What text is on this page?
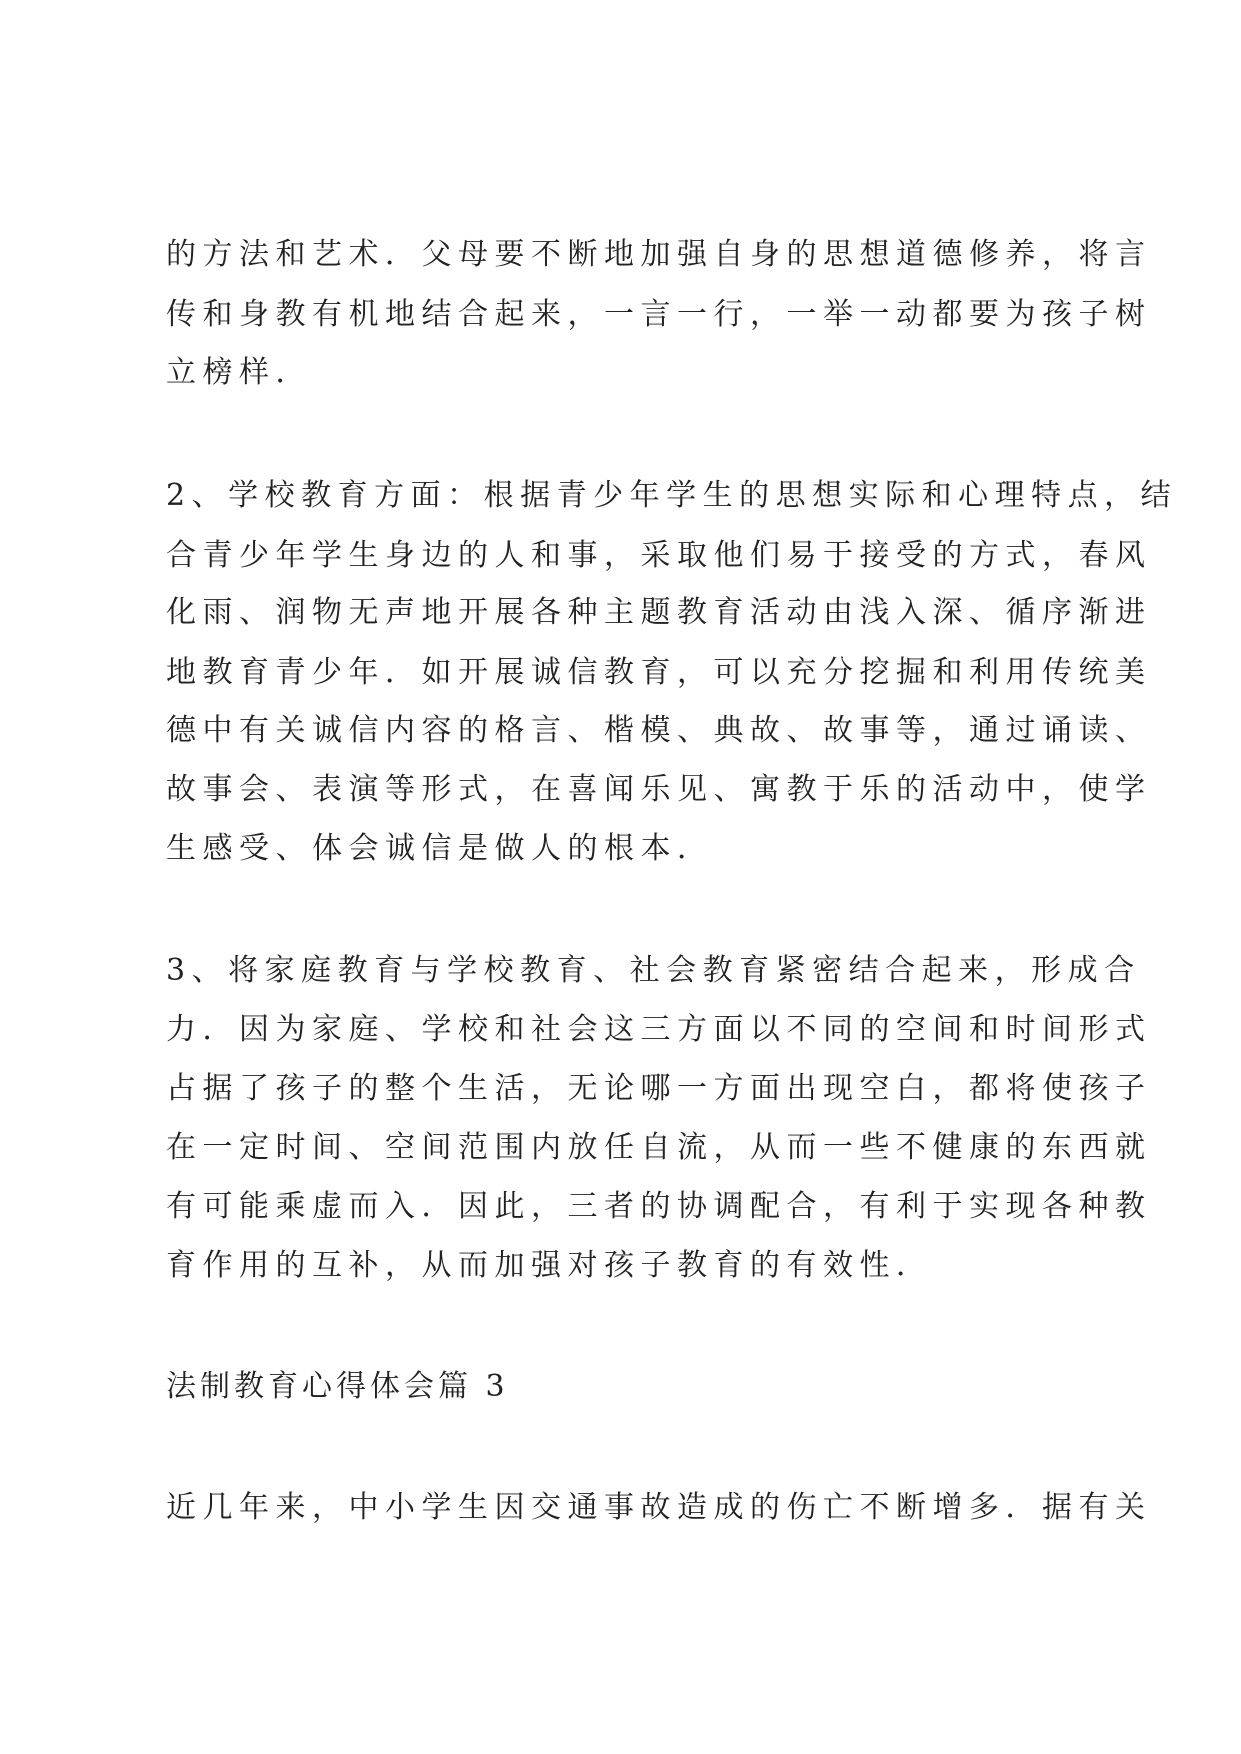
的方法和艺术．父母要不断地加强自身的思想道德修养，将言
传和身教有机地结合起来，一言一行，一举一动都要为孩子树
立榜样．
2、学校教育方面：根据青少年学生的思想实际和心理特点，结
合青少年学生身边的人和事，采取他们易于接受的方式，春风
化雨、润物无声地开展各种主题教育活动由浅入深、循序渐进
地教育青少年．如开展诚信教育，可以充分挖掘和利用传统美
德中有关诚信内容的格言、楷模、典故、故事等，通过诵读、
故事会、表演等形式，在喜闻乐见、寓教于乐的活动中，使学
生感受、体会诚信是做人的根本．
3、将家庭教育与学校教育、社会教育紧密结合起来，形成合
力．因为家庭、学校和社会这三方面以不同的空间和时间形式
占据了孩子的整个生活，无论哪一方面出现空白，都将使孩子
在一定时间、空间范围内放任自流，从而一些不健康的东西就
有可能乘虚而入．因此，三者的协调配合，有利于实现各种教
育作用的互补，从而加强对孩子教育的有效性．
法制教育心得体会篇 3
近几年来，中小学生因交通事故造成的伤亡不断增多．据有关
